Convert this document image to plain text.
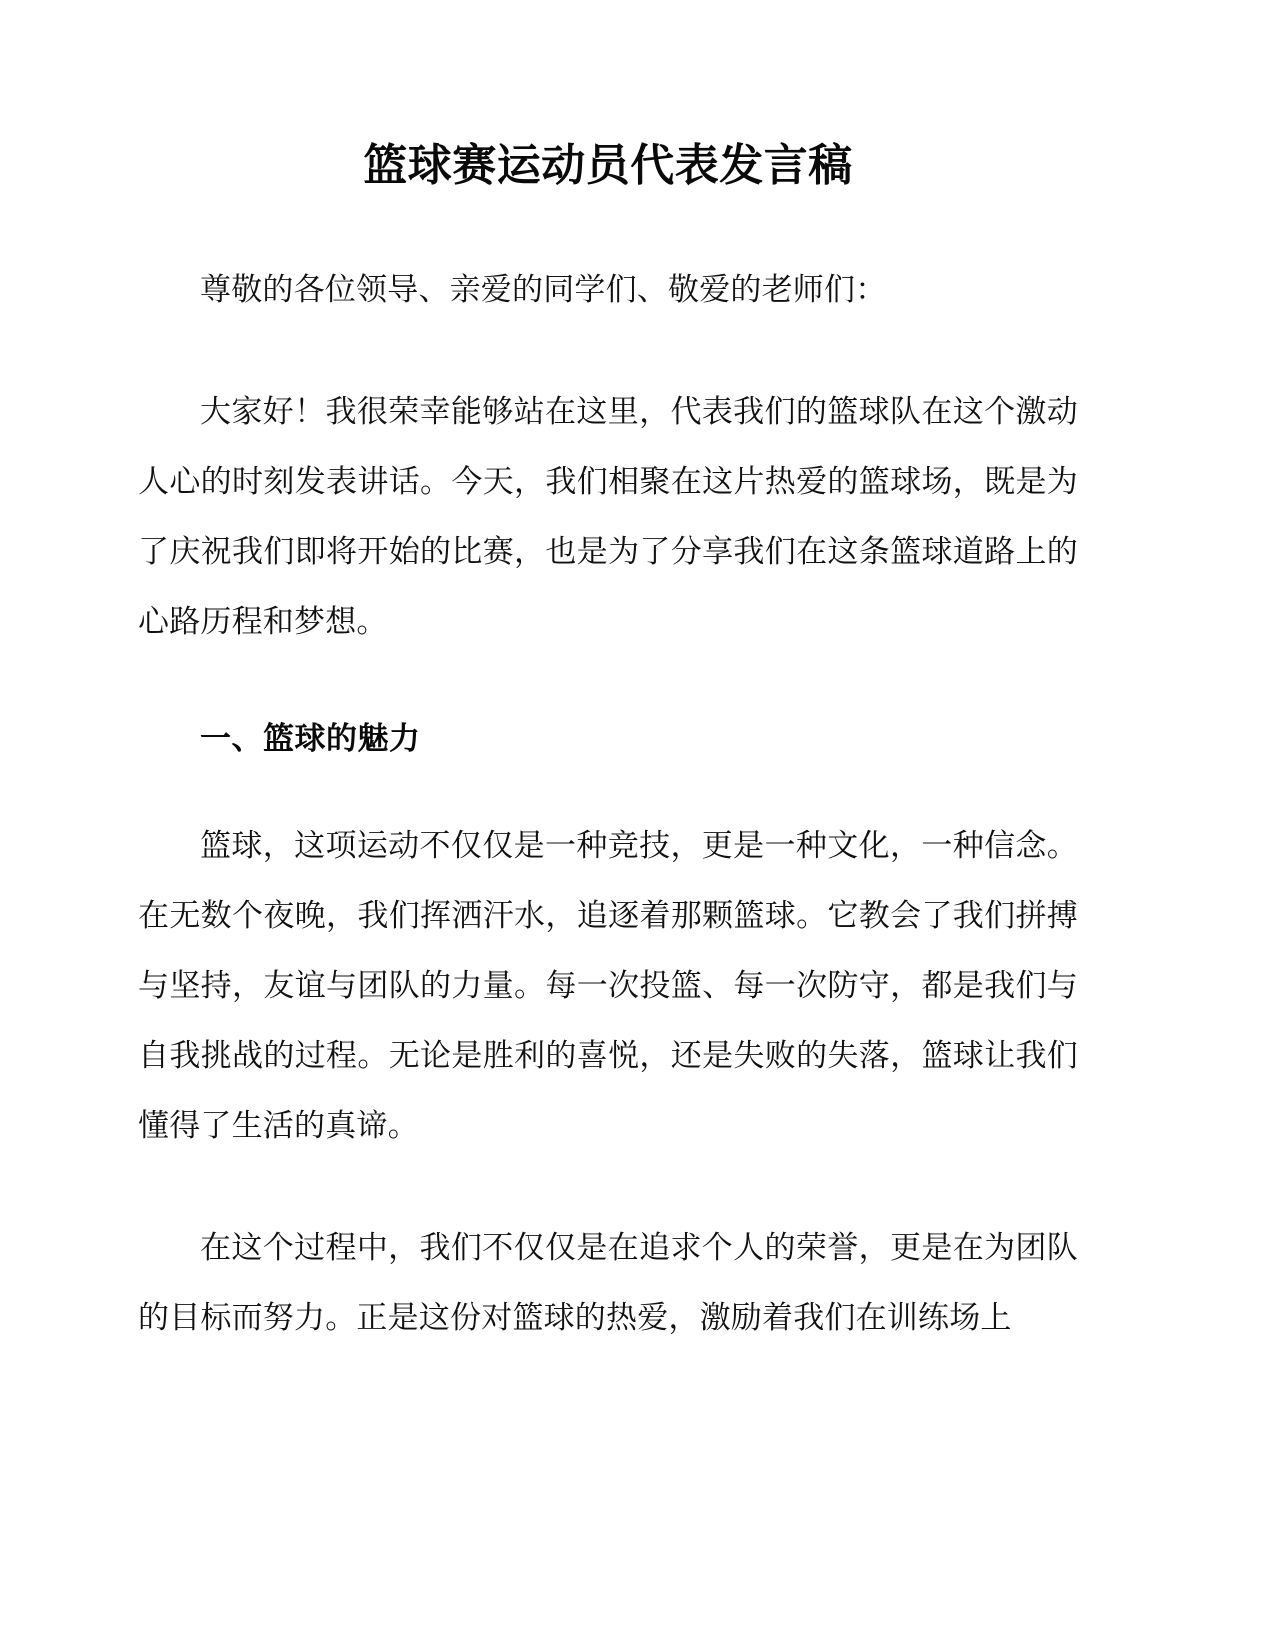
篮球赛运动员代表发言稿

尊敬的各位领导、亲爱的同学们、敬爱的老师们：

大家好！我很荣幸能够站在这里，代表我们的篮球队在这个激动人心的时刻发表讲话。今天，我们相聚在这片热爱的篮球场，既是为了庆祝我们即将开始的比赛，也是为了分享我们在这条篮球道路上的心路历程和梦想。

一、篮球的魅力

篮球，这项运动不仅仅是一种竞技，更是一种文化，一种信念。在无数个夜晚，我们挥洒汗水，追逐着那颗篮球。它教会了我们拼搏与坚持，友谊与团队的力量。每一次投篮、每一次防守，都是我们与自我挑战的过程。无论是胜利的喜悦，还是失败的失落，篮球让我们懂得了生活的真谛。

在这个过程中，我们不仅仅是在追求个人的荣誉，更是在为团队的目标而努力。正是这份对篮球的热爱，激励着我们在训练场上
